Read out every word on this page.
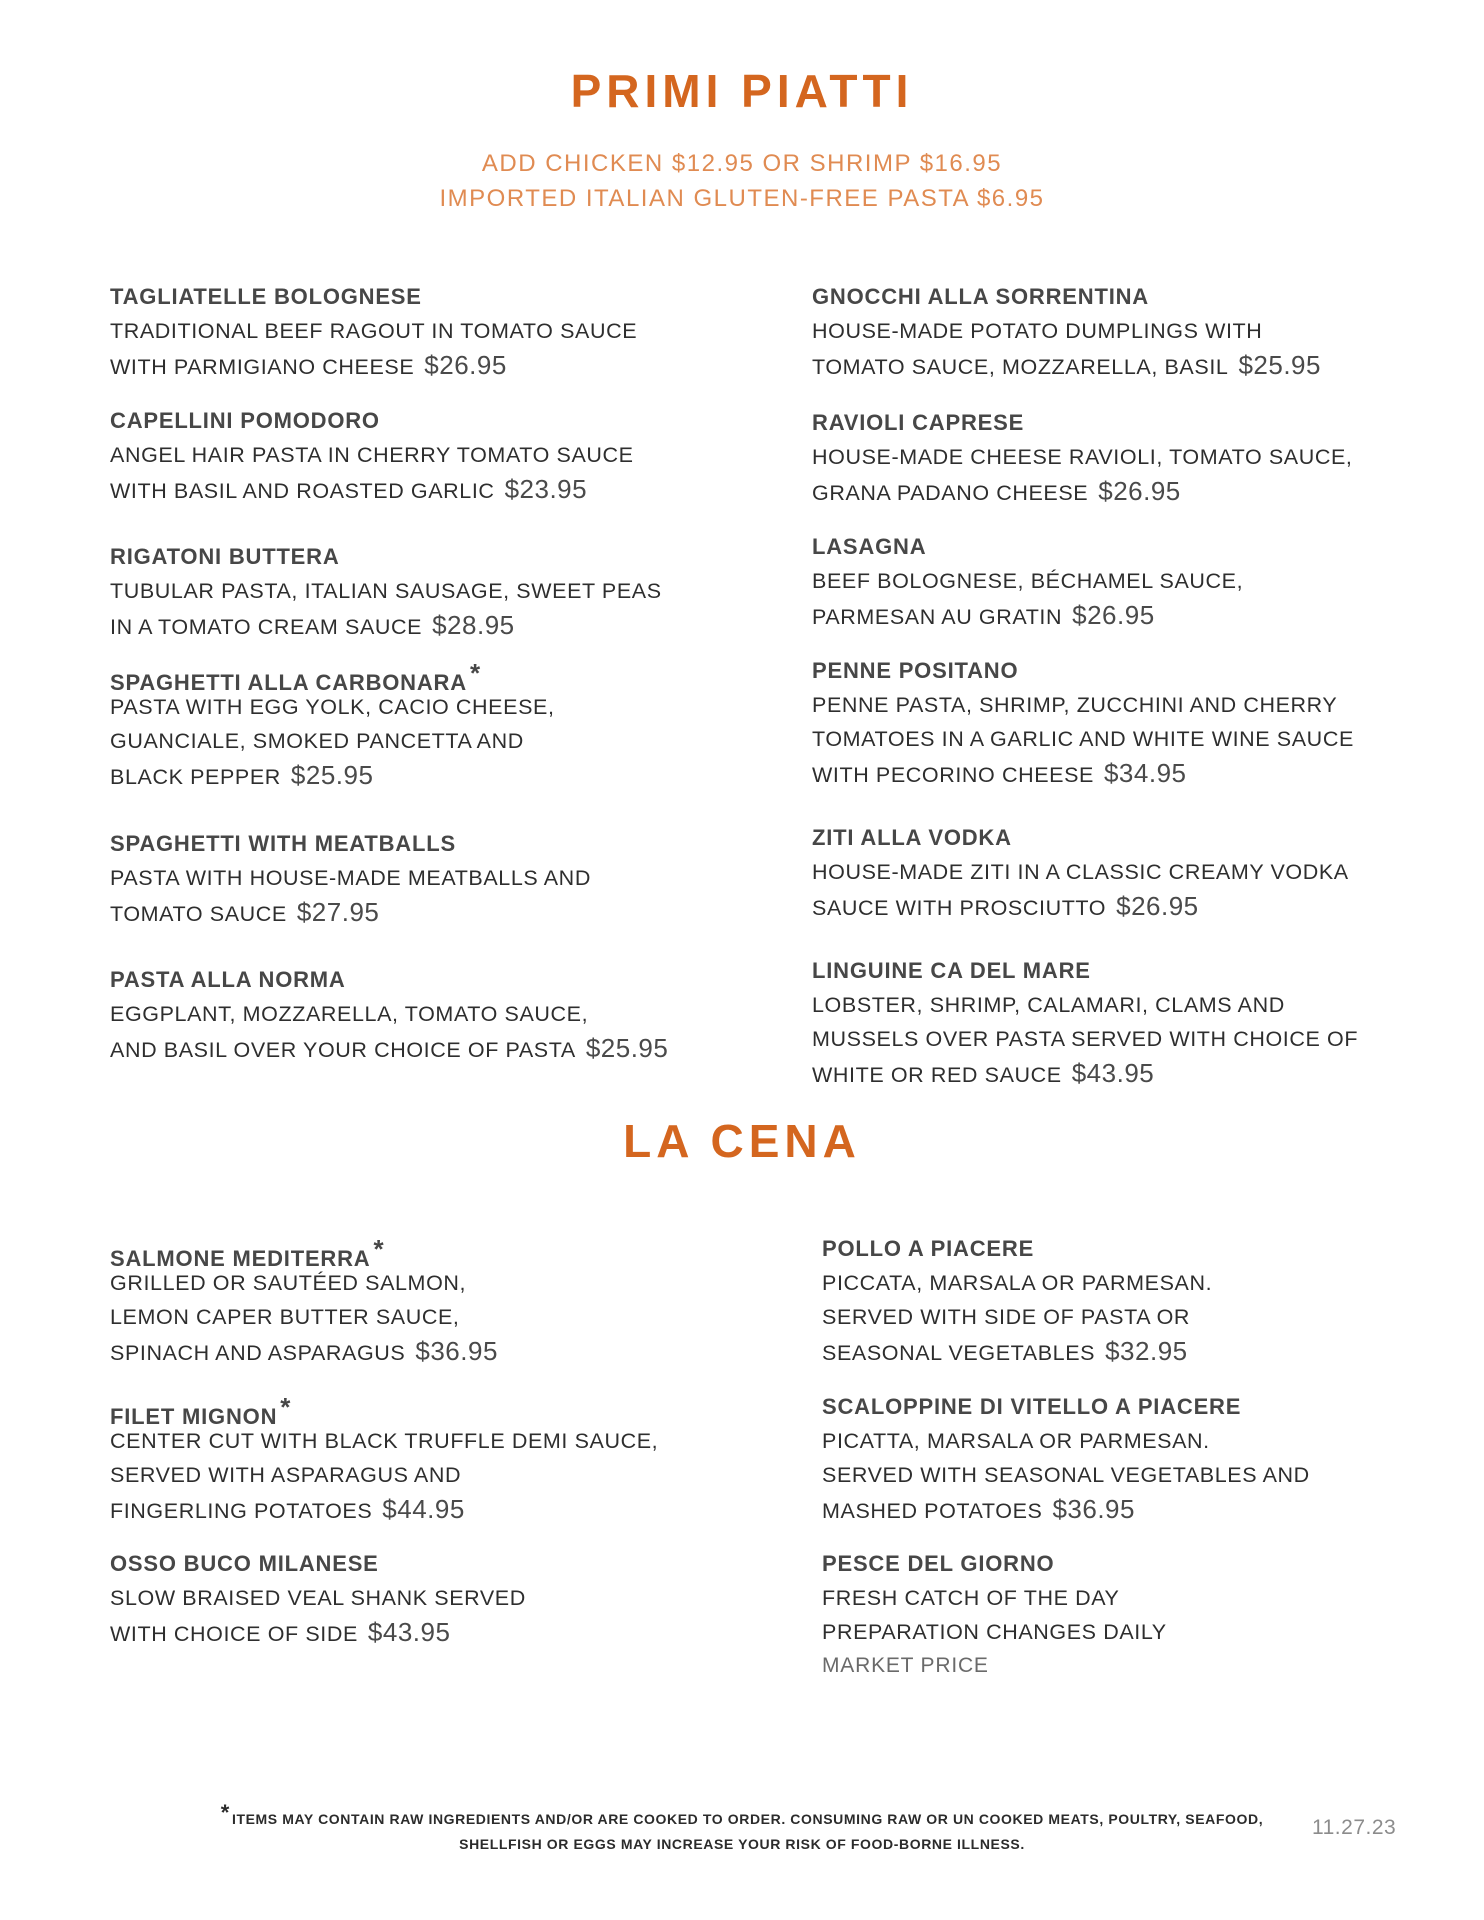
PRIMI PIATTI
ADD CHICKEN $12.95 OR SHRIMP $16.95
IMPORTED ITALIAN GLUTEN-FREE PASTA $6.95
TAGLIATELLE BOLOGNESE
TRADITIONAL BEEF RAGOUT IN TOMATO SAUCE
WITH PARMIGIANO CHEESE $26.95
CAPELLINI POMODORO
ANGEL HAIR PASTA IN CHERRY TOMATO SAUCE
WITH BASIL AND ROASTED GARLIC $23.95
RIGATONI BUTTERA
TUBULAR PASTA, ITALIAN SAUSAGE, SWEET PEAS
IN A TOMATO CREAM SAUCE $28.95
SPAGHETTI ALLA CARBONARA *
PASTA WITH EGG YOLK, CACIO CHEESE,
GUANCIALE, SMOKED PANCETTA AND
BLACK PEPPER $25.95
SPAGHETTI WITH MEATBALLS
PASTA WITH HOUSE-MADE MEATBALLS AND
TOMATO SAUCE $27.95
PASTA ALLA NORMA
EGGPLANT, MOZZARELLA, TOMATO SAUCE,
AND BASIL OVER YOUR CHOICE OF PASTA $25.95
GNOCCHI ALLA SORRENTINA
HOUSE-MADE POTATO DUMPLINGS WITH
TOMATO SAUCE, MOZZARELLA, BASIL $25.95
RAVIOLI CAPRESE
HOUSE-MADE CHEESE RAVIOLI, TOMATO SAUCE,
GRANA PADANO CHEESE $26.95
LASAGNA
BEEF BOLOGNESE, BÉCHAMEL SAUCE,
PARMESAN AU GRATIN $26.95
PENNE POSITANO
PENNE PASTA, SHRIMP, ZUCCHINI AND CHERRY
TOMATOES IN A GARLIC AND WHITE WINE SAUCE
WITH PECORINO CHEESE $34.95
ZITI ALLA VODKA
HOUSE-MADE ZITI IN A CLASSIC CREAMY VODKA
SAUCE WITH PROSCIUTTO $26.95
LINGUINE CA DEL MARE
LOBSTER, SHRIMP, CALAMARI, CLAMS AND
MUSSELS OVER PASTA SERVED WITH CHOICE OF
WHITE OR RED SAUCE $43.95
LA CENA
SALMONE MEDITERRA *
GRILLED OR SAUTÉED SALMON,
LEMON CAPER BUTTER SAUCE,
SPINACH AND ASPARAGUS $36.95
FILET MIGNON *
CENTER CUT WITH BLACK TRUFFLE DEMI SAUCE,
SERVED WITH ASPARAGUS AND
FINGERLING POTATOES $44.95
OSSO BUCO MILANESE
SLOW BRAISED VEAL SHANK SERVED
WITH CHOICE OF SIDE $43.95
POLLO A PIACERE
PICCATA, MARSALA OR PARMESAN.
SERVED WITH SIDE OF PASTA OR
SEASONAL VEGETABLES $32.95
SCALOPPINE DI VITELLO A PIACERE
PICATTA, MARSALA OR PARMESAN.
SERVED WITH SEASONAL VEGETABLES AND
MASHED POTATOES $36.95
PESCE DEL GIORNO
FRESH CATCH OF THE DAY
PREPARATION CHANGES DAILY
MARKET PRICE
* ITEMS MAY CONTAIN RAW INGREDIENTS AND/OR ARE COOKED TO ORDER. CONSUMING RAW OR UN COOKED MEATS, POULTRY, SEAFOOD,
SHELLFISH OR EGGS MAY INCREASE YOUR RISK OF FOOD-BORNE ILLNESS.
11.27.23
